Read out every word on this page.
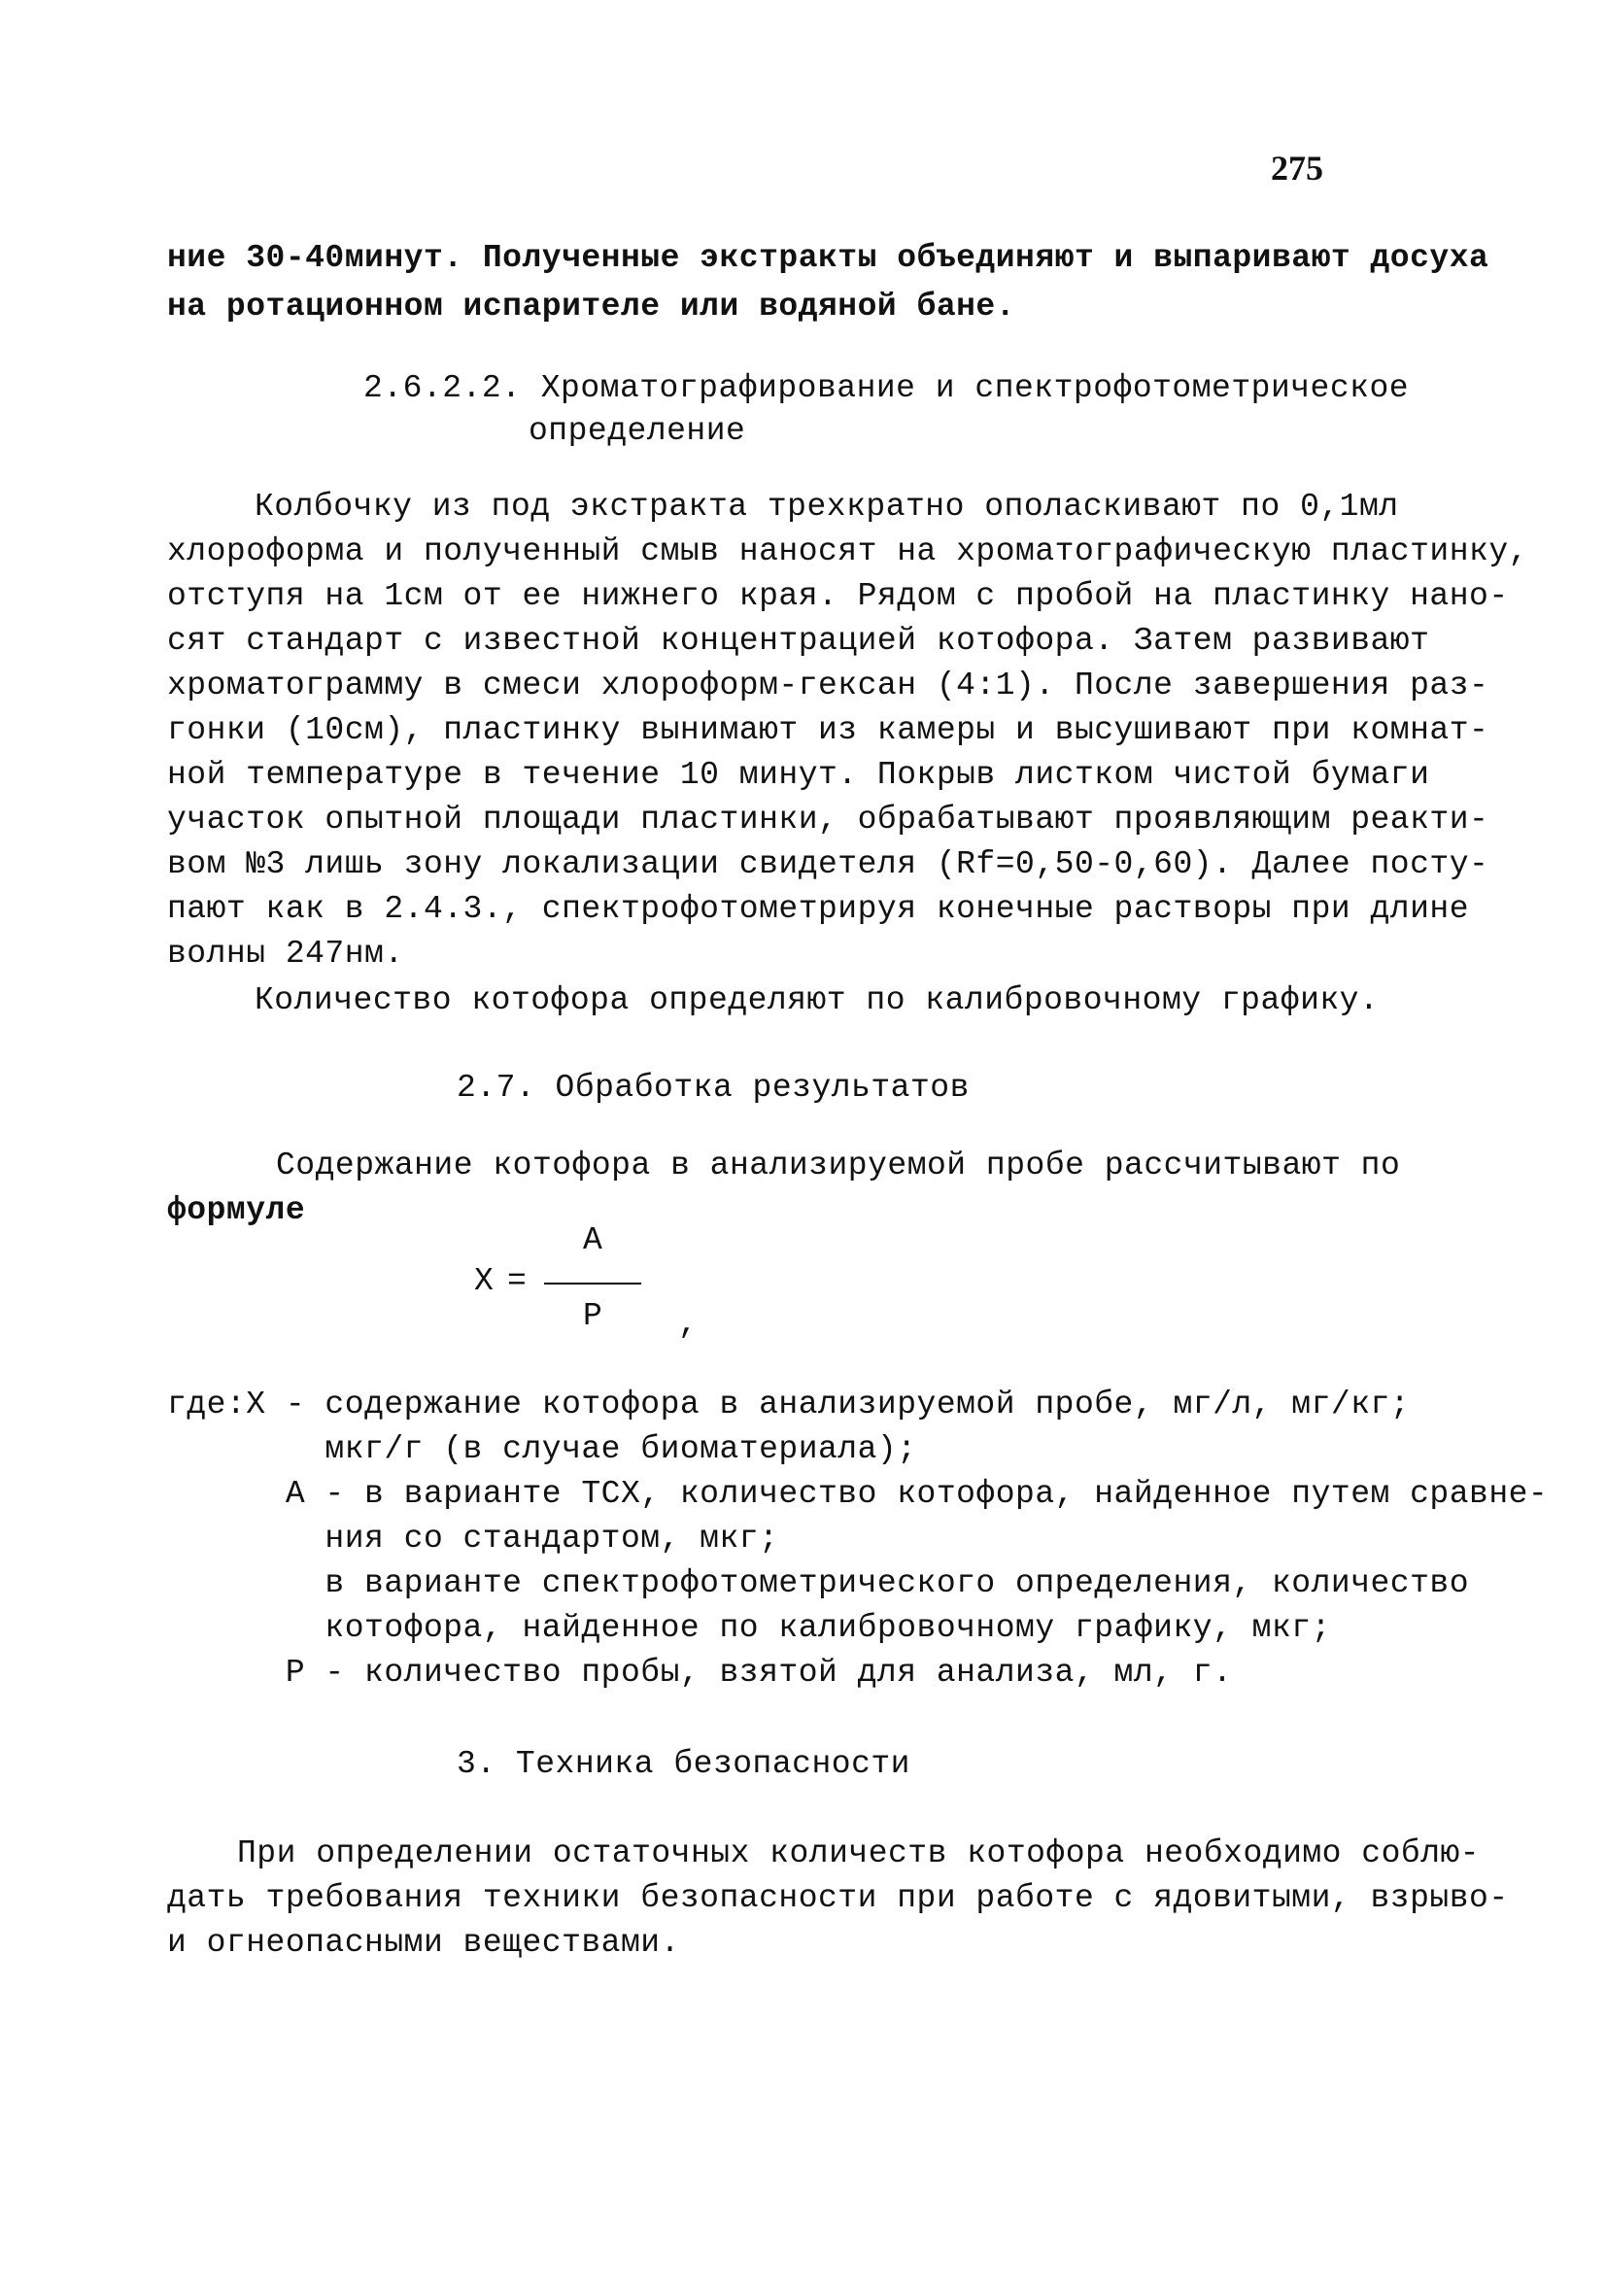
275
ние 30-40минут. Полученные экстракты объединяют и выпаривают досуха
на ротационном испарителе или водяной бане.
2.6.2.2. Хроматографирование и спектрофотометрическое
определение
Колбочку из под экстракта трехкратно ополаскивают по 0,1мл
хлороформа и полученный смыв наносят на хроматографическую пластинку,
отступя на 1см от ее нижнего края. Рядом с пробой на пластинку нано-
сят стандарт с известной концентрацией котофора. Затем развивают
хроматограмму в смеси хлороформ-гексан (4:1). После завершения раз-
гонки (10см), пластинку вынимают из камеры и высушивают при комнат-
ной температуре в течение 10 минут. Покрыв листком чистой бумаги
участок опытной площади пластинки, обрабатывают проявляющим реакти-
вом №3 лишь зону локализации свидетеля (Rf=0,50-0,60). Далее посту-
пают как в 2.4.3., спектрофотометрируя конечные растворы при длине
волны 247нм.
Количество котофора определяют по калибровочному графику.
2.7. Обработка результатов
Содержание котофора в анализируемой пробе рассчитывают по
формуле
X =
A
P ,
где:X - содержание котофора в анализируемой пробе, мг/л, мг/кг;
мкг/г (в случае биоматериала);
A - в варианте ТСХ, количество котофора, найденное путем сравне-
ния со стандартом, мкг;
в варианте спектрофотометрического определения, количество
котофора, найденное по калибровочному графику, мкг;
P - количество пробы, взятой для анализа, мл, г.
3. Техника безопасности
При определении остаточных количеств котофора необходимо соблю-
дать требования техники безопасности при работе с ядовитыми, взрыво-
и огнеопасными веществами.
